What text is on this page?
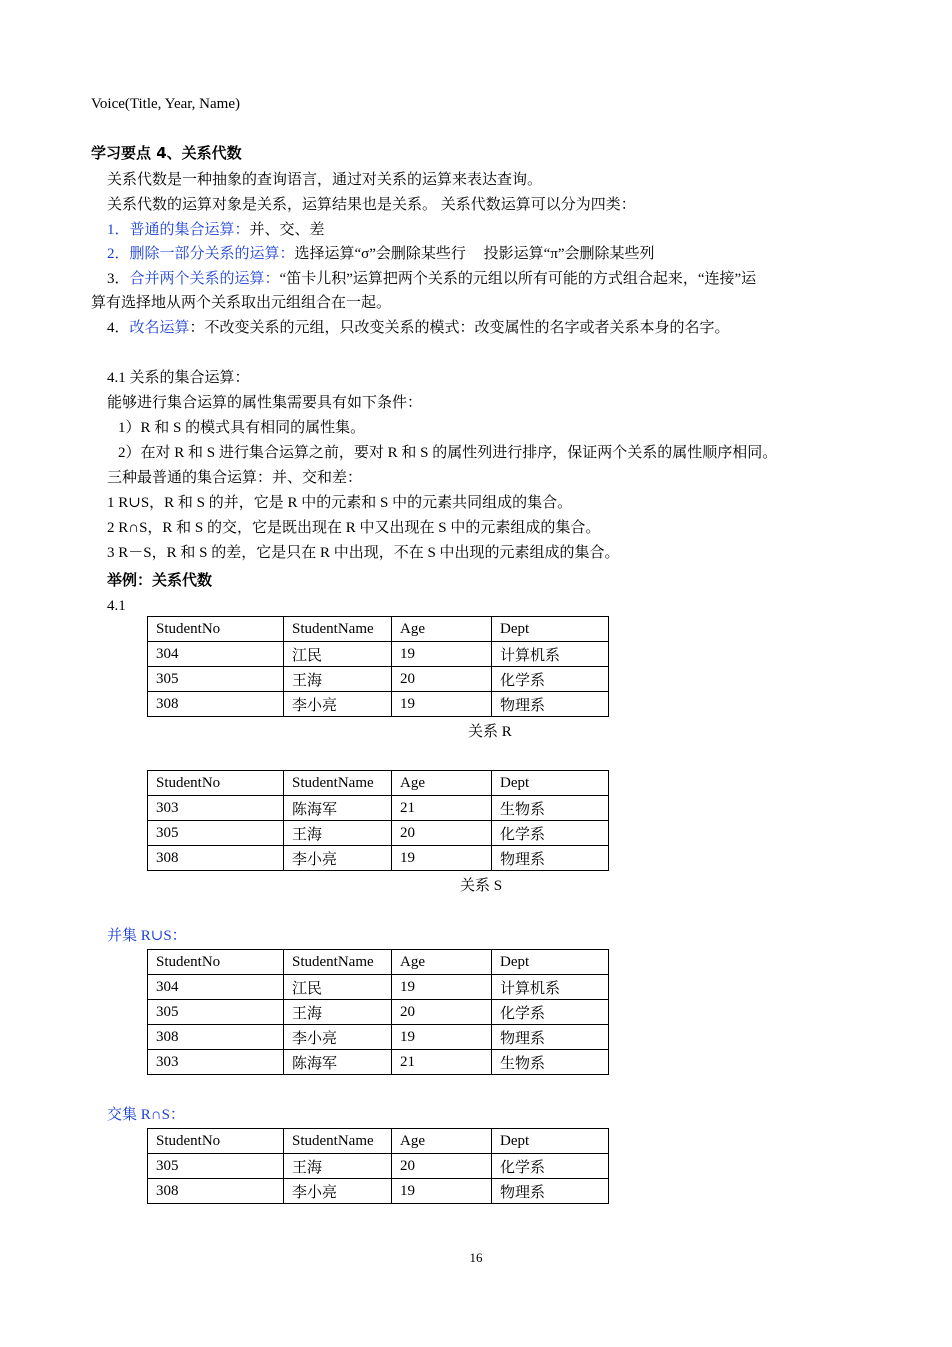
Voice(Title, Year, Name)
学习要点 4、关系代数
关系代数是一种抽象的查询语言，通过对关系的运算来表达查询。
关系代数的运算对象是关系，运算结果也是关系。 关系代数运算可以分为四类：
1．普通的集合运算：并、交、差
2．删除一部分关系的运算：选择运算“σ”会删除某些行 投影运算“π”会删除某些列
3．合并两个关系的运算：“笛卡儿积”运算把两个关系的元组以所有可能的方式组合起来，“连接”运
算有选择地从两个关系取出元组组合在一起。
4．改名运算：不改变关系的元组，只改变关系的模式：改变属性的名字或者关系本身的名字。
4.1 关系的集合运算：
能够进行集合运算的属性集需要具有如下条件：
1）R 和 S 的模式具有相同的属性集。
2）在对 R 和 S 进行集合运算之前，要对 R 和 S 的属性列进行排序，保证两个关系的属性顺序相同。
三种最普通的集合运算：并、交和差：
1 R∪S，R 和 S 的并，它是 R 中的元素和 S 中的元素共同组成的集合。
2 R∩S，R 和 S 的交，它是既出现在 R 中又出现在 S 中的元素组成的集合。
3 R－S，R 和 S 的差，它是只在 R 中出现，不在 S 中出现的元素组成的集合。
举例：关系代数
4.1
StudentNo	StudentName	Age	Dept
304	江民	19	计算机系
305	王海	20	化学系
308	李小亮	19	物理系
关系 R
StudentNo	StudentName	Age	Dept
303	陈海军	21	生物系
305	王海	20	化学系
308	李小亮	19	物理系
关系 S
并集 R∪S：
StudentNo	StudentName	Age	Dept
304	江民	19	计算机系
305	王海	20	化学系
308	李小亮	19	物理系
303	陈海军	21	生物系
交集 R∩S：
StudentNo	StudentName	Age	Dept
305	王海	20	化学系
308	李小亮	19	物理系
16
